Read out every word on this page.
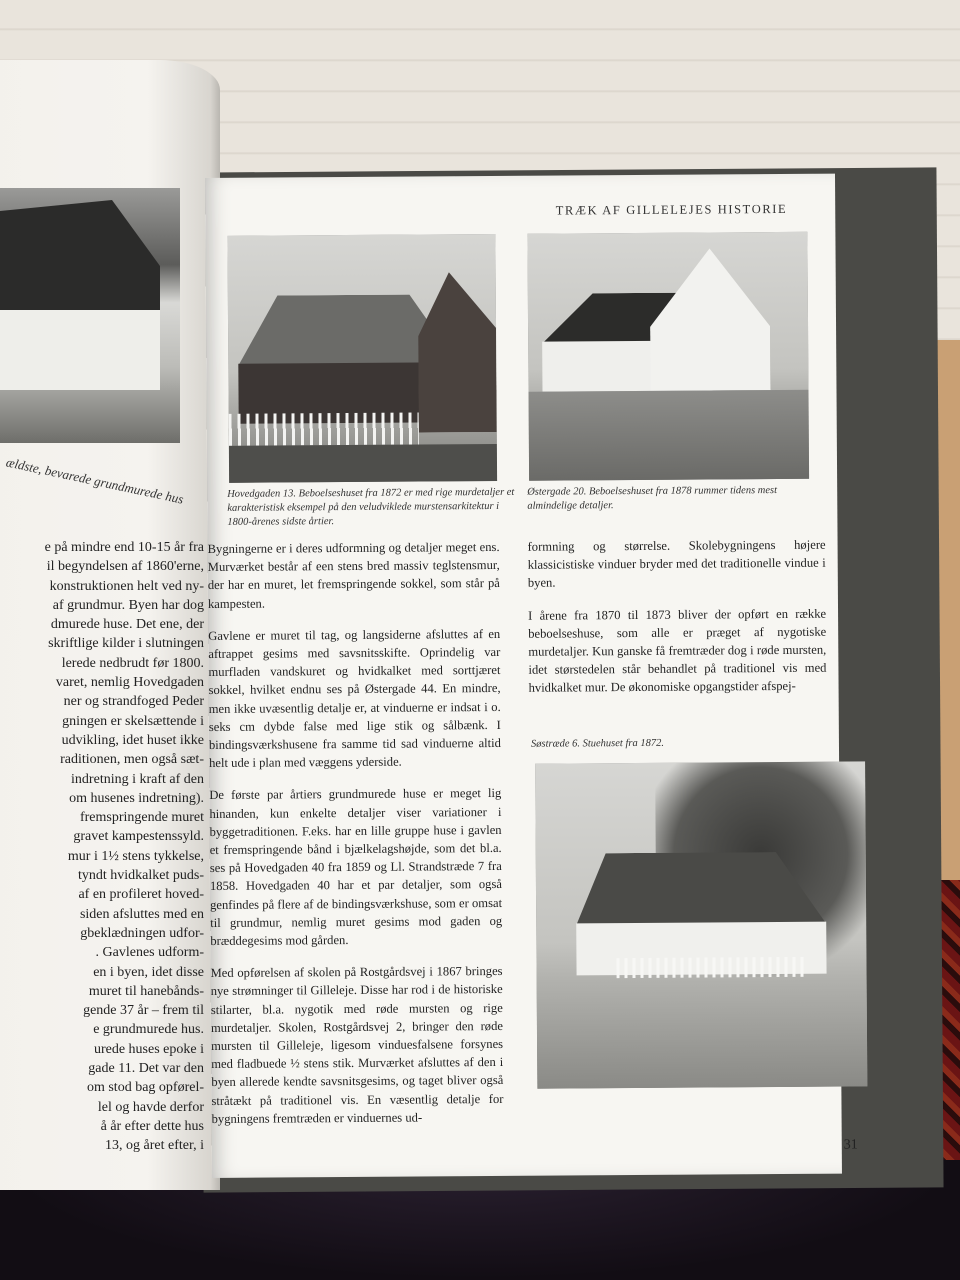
ældste, bevarede grundmurede hus
e på mindre end 10-15 år fra
il begyndelsen af 1860'erne,
konstruktionen helt ved ny-
af grundmur. Byen har dog
dmurede huse. Det ene, der
skriftlige kilder i slutningen
lerede nedbrudt før 1800.
varet, nemlig Hovedgaden
ner og strandfoged Peder
gningen er skelsættende i
udvikling, idet huset ikke
raditionen, men også sæt-
indretning i kraft af den
om husenes indretning).
fremspringende muret
gravet kampestenssyld.
mur i 1½ stens tykkelse,
tyndt hvidkalket puds-
af en profileret hoved-
siden afsluttes med en
gbeklædningen udfor-
. Gavlenes udform-
en i byen, idet disse
muret til hanebånds-
gende 37 år – frem til
e grundmurede hus.
urede huses epoke i
gade 11. Det var den
om stod bag opførel-
lel og havde derfor
å år efter dette hus
13, og året efter, i
TRÆK AF GILLELEJES HISTORIE
Hovedgaden 13. Beboelseshuset fra 1872 er med rige murdetaljer et karakteristisk eksempel på den veludviklede murstensarkitektur i 1800-årenes sidste årtier.
Østergade 20. Beboelseshuset fra 1878 rummer tidens mest almindelige detaljer.

Bygningerne er i deres udformning og detaljer meget ens. Murværket består af een stens bred massiv teglstensmur, der har en muret, let fremspringende sokkel, som står på kampesten.

Gavlene er muret til tag, og langsiderne afsluttes af en aftrappet gesims med savsnitsskifte. Oprindelig var murfladen vandskuret og hvidkalket med sorttjæret sokkel, hvilket endnu ses på Østergade 44. En mindre, men ikke uvæsentlig detalje er, at vinduerne er indsat i o. seks cm dybde false med lige stik og sålbænk. I bindingsværkshusene fra samme tid sad vinduerne altid helt ude i plan med væggens yderside.

De første par årtiers grundmurede huse er meget lig hinanden, kun enkelte detaljer viser variationer i byggetraditionen. F.eks. har en lille gruppe huse i gavlen et fremspringende bånd i bjælkelagshøjde, som det bl.a. ses på Hovedgaden 40 fra 1859 og Ll. Strandstræde 7 fra 1858. Hovedgaden 40 har et par detaljer, som også genfindes på flere af de bindingsværkshuse, som er omsat til grundmur, nemlig muret gesims mod gaden og bræddegesims mod gården.

Med opførelsen af skolen på Rostgårdsvej i 1867 bringes nye strømninger til Gilleleje. Disse har rod i de historiske stilarter, bl.a. nygotik med røde mursten og rige murdetaljer. Skolen, Rostgårdsvej 2, bringer den røde mursten til Gilleleje, ligesom vinduesfalsene forsynes med fladbuede ½ stens stik. Murværket afsluttes af den i byen allerede kendte savsnitsgesims, og taget bliver også stråtækt på traditionel vis. En væsentlig detalje for bygningens fremtræden er vinduernes ud-

formning og størrelse. Skolebygningens højere klassicistiske vinduer bryder med det traditionelle vindue i byen.

I årene fra 1870 til 1873 bliver der opført en række beboelseshuse, som alle er præget af nygotiske murdetaljer. Kun ganske få fremtræder dog i røde mursten, idet størstedelen står behandlet på traditionel vis med hvidkalket mur. De økonomiske opgangstider afspej-

Søstræde 6. Stuehuset fra 1872.
31
